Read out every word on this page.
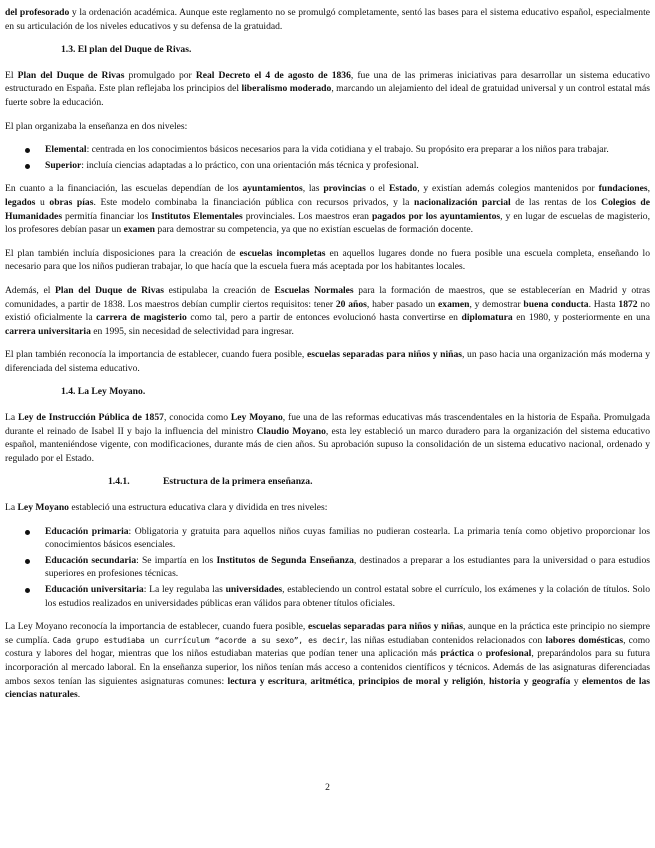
del profesorado y la ordenación académica. Aunque este reglamento no se promulgó completamente, sentó las bases para el sistema educativo español, especialmente en su articulación de los niveles educativos y su defensa de la gratuidad.

1.3. El plan del Duque de Rivas.

El Plan del Duque de Rivas promulgado por Real Decreto el 4 de agosto de 1836, fue una de las primeras iniciativas para desarrollar un sistema educativo estructurado en España. Este plan reflejaba los principios del liberalismo moderado, marcando un alejamiento del ideal de gratuidad universal y un control estatal más fuerte sobre la educación.

El plan organizaba la enseñanza en dos niveles:

Elemental: centrada en los conocimientos básicos necesarios para la vida cotidiana y el trabajo. Su propósito era preparar a los niños para trabajar.
Superior: incluía ciencias adaptadas a lo práctico, con una orientación más técnica y profesional.

En cuanto a la financiación, las escuelas dependían de los ayuntamientos, las provincias o el Estado, y existían además colegios mantenidos por fundaciones, legados u obras pías. Este modelo combinaba la financiación pública con recursos privados, y la nacionalización parcial de las rentas de los Colegios de Humanidades permitía financiar los Institutos Elementales provinciales. Los maestros eran pagados por los ayuntamientos, y en lugar de escuelas de magisterio, los profesores debían pasar un examen para demostrar su competencia, ya que no existían escuelas de formación docente.

El plan también incluía disposiciones para la creación de escuelas incompletas en aquellos lugares donde no fuera posible una escuela completa, enseñando lo necesario para que los niños pudieran trabajar, lo que hacía que la escuela fuera más aceptada por los habitantes locales.

Además, el Plan del Duque de Rivas estipulaba la creación de Escuelas Normales para la formación de maestros, que se establecerían en Madrid y otras comunidades, a partir de 1838. Los maestros debían cumplir ciertos requisitos: tener 20 años, haber pasado un examen, y demostrar buena conducta. Hasta 1872 no existió oficialmente la carrera de magisterio como tal, pero a partir de entonces evolucionó hasta convertirse en diplomatura en 1980, y posteriormente en una carrera universitaria en 1995, sin necesidad de selectividad para ingresar.

El plan también reconocía la importancia de establecer, cuando fuera posible, escuelas separadas para niños y niñas, un paso hacia una organización más moderna y diferenciada del sistema educativo.

1.4. La Ley Moyano.

La Ley de Instrucción Pública de 1857, conocida como Ley Moyano, fue una de las reformas educativas más trascendentales en la historia de España. Promulgada durante el reinado de Isabel II y bajo la influencia del ministro Claudio Moyano, esta ley estableció un marco duradero para la organización del sistema educativo español, manteniéndose vigente, con modificaciones, durante más de cien años. Su aprobación supuso la consolidación de un sistema educativo nacional, ordenado y regulado por el Estado.

1.4.1.	Estructura de la primera enseñanza.

La Ley Moyano estableció una estructura educativa clara y dividida en tres niveles:

Educación primaria: Obligatoria y gratuita para aquellos niños cuyas familias no pudieran costearla. La primaria tenía como objetivo proporcionar los conocimientos básicos esenciales.
Educación secundaria: Se impartía en los Institutos de Segunda Enseñanza, destinados a preparar a los estudiantes para la universidad o para estudios superiores en profesiones técnicas.
Educación universitaria: La ley regulaba las universidades, estableciendo un control estatal sobre el currículo, los exámenes y la colación de títulos. Solo los estudios realizados en universidades públicas eran válidos para obtener títulos oficiales.

La Ley Moyano reconocía la importancia de establecer, cuando fuera posible, escuelas separadas para niños y niñas, aunque en la práctica este principio no siempre se cumplía. Cada grupo estudiaba un currículum “acorde a su sexo”, es decir, las niñas estudiaban contenidos relacionados con labores domésticas, como costura y labores del hogar, mientras que los niños estudiaban materias que podían tener una aplicación más práctica o profesional, preparándolos para su futura incorporación al mercado laboral. En la enseñanza superior, los niños tenían más acceso a contenidos científicos y técnicos. Además de las asignaturas diferenciadas ambos sexos tenían las siguientes asignaturas comunes: lectura y escritura, aritmética, principios de moral y religión, historia y geografía y elementos de las ciencias naturales.

2
